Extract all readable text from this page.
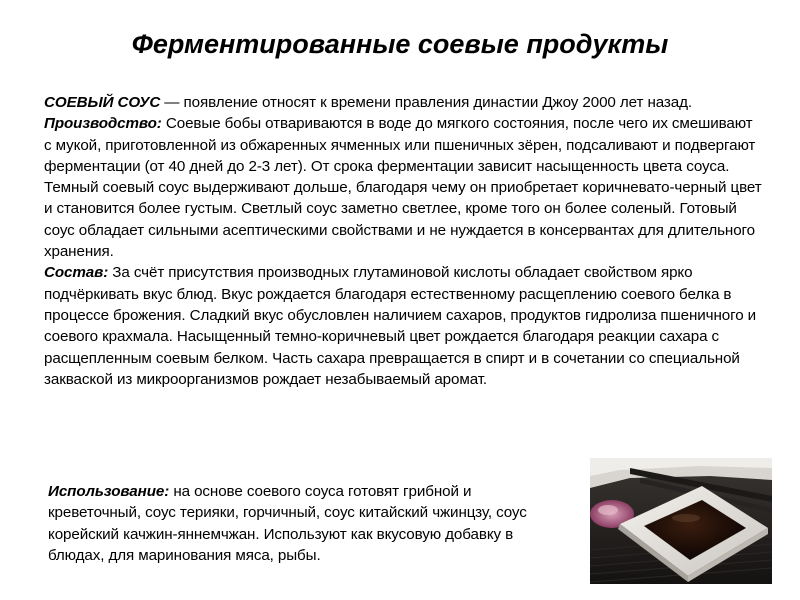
Ферментированные соевые продукты

СОЕВЫЙ СОУС — появление относят к времени правления династии Джоу 2000 лет назад.

Производство: Соевые бобы отвариваются в воде до мягкого состояния, после чего их смешивают с мукой, приготовленной из обжаренных ячменных или пшеничных зёрен, подсаливают и подвергают ферментации (от 40 дней до 2-3 лет). От срока ферментации зависит насыщенность цвета соуса. Темный соевый соус выдерживают дольше, благодаря чему он приобретает коричневато-черный цвет и становится более густым. Светлый соус заметно светлее, кроме того он более соленый. Готовый соус обладает сильными асептическими свойствами и не нуждается в консервантах для длительного хранения.

Состав: За счёт присутствия производных глутаминовой кислоты обладает свойством ярко подчёркивать вкус блюд. Вкус рождается благодаря естественному расщеплению соевого белка в процессе брожения. Сладкий вкус обусловлен наличием сахаров, продуктов гидролиза пшеничного и соевого крахмала. Насыщенный темно-коричневый цвет рождается благодаря реакции сахара с расщепленным соевым белком. Часть сахара превращается в спирт и в сочетании со специальной закваской из микроорганизмов рождает незабываемый аромат.

Использование: на основе соевого соуса готовят грибной и креветочный, соус терияки, горчичный, соус китайский чжинцзу, соус корейский качжин-яннемчжан. Используют как вкусовую добавку в блюдах, для маринования мяса, рыбы.
